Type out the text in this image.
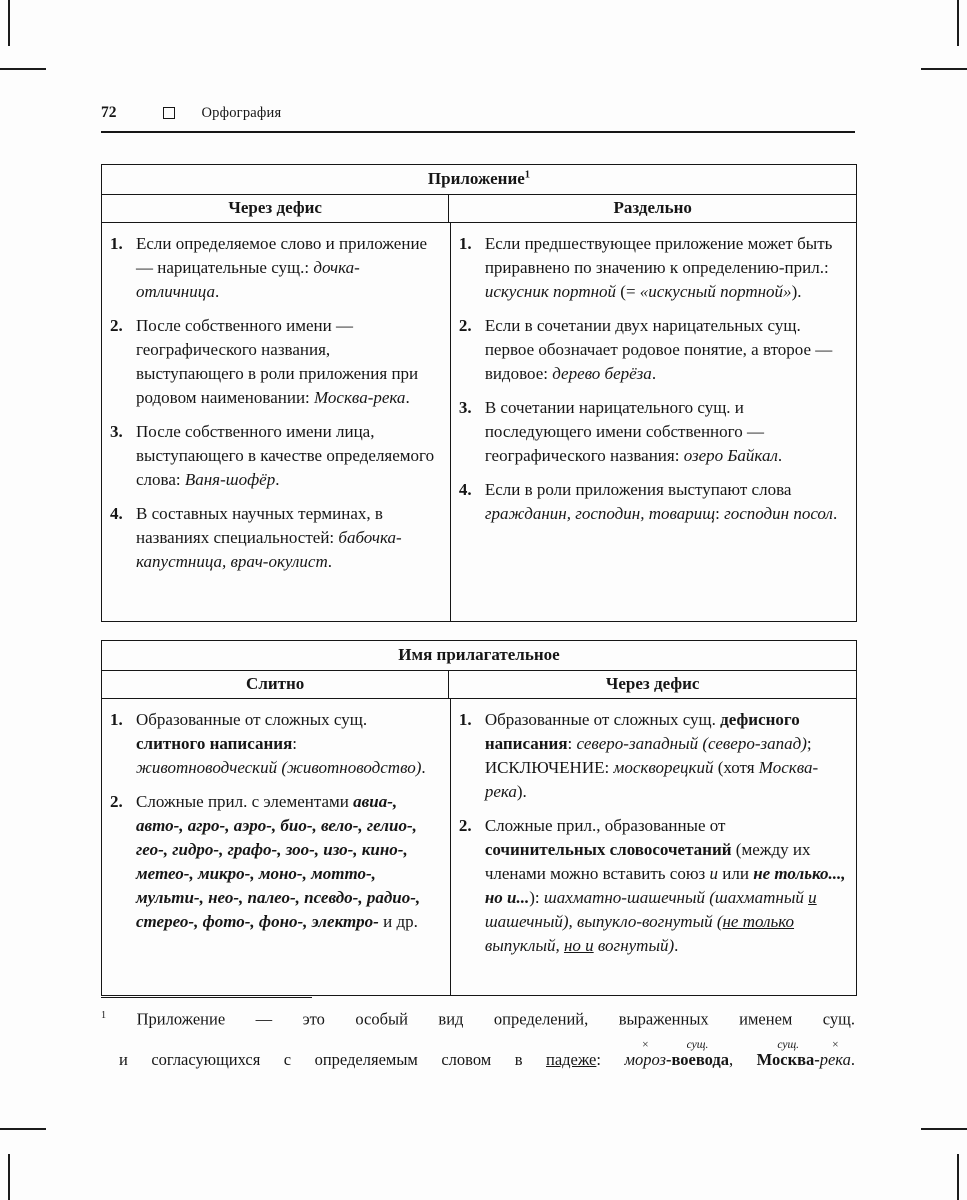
72	Орфография
Приложение$^1$
Через дефис	Раздельно
1. Если определяемое слово и приложение — нарицательные сущ.: дочка-отличница.
2. После собственного имени — географического названия, выступающего в роли приложения при родовом наименовании: Москва-река.
3. После собственного имени лица, выступающего в качестве определяемого слова: Ваня-шофёр.
4. В составных научных терминах, в названиях специальностей: бабочка-капустница, врач-окулист.
1. Если предшествующее приложение может быть приравнено по значению к определению-прил.: искусник портной (= «искусный портной»).
2. Если в сочетании двух нарицательных сущ. первое обозначает родовое понятие, а второе — видовое: дерево берёза.
3. В сочетании нарицательного сущ. и последующего имени собственного — географического названия: озеро Байкал.
4. Если в роли приложения выступают слова гражданин, господин, товарищ: господин посол.
Имя прилагательное
Слитно	Через дефис
1. Образованные от сложных сущ. слитного написания: животноводческий (животноводство).
2. Сложные прил. с элементами авиа-, авто-, агро-, аэро-, био-, вело-, гелио-, гео-, гидро-, графо-, зоо-, изо-, кино-, метео-, микро-, моно-, мотто-, мульти-, нео-, палео-, псевдо-, радио-, стерео-, фото-, фоно-, электро- и др.
1. Образованные от сложных сущ. дефисного написания: северо-западный (северо-запад); ИСКЛЮЧЕНИЕ: москворецкий (хотя Москва-река).
2. Сложные прил., образованные от сочинительных словосочетаний (между их членами можно вставить союз и или не только..., но и...): шахматно-шашечный (шахматный и шашечный), выпукло-вогнутый (не только выпуклый, но и вогнутый).

$^1$ Приложение — это особый вид определений, выраженных именем сущ.

и согласующихся с определяемым словом в падеже:
×
мороз
сущ.
-воевода,
сущ.
Москва-
×
река.
